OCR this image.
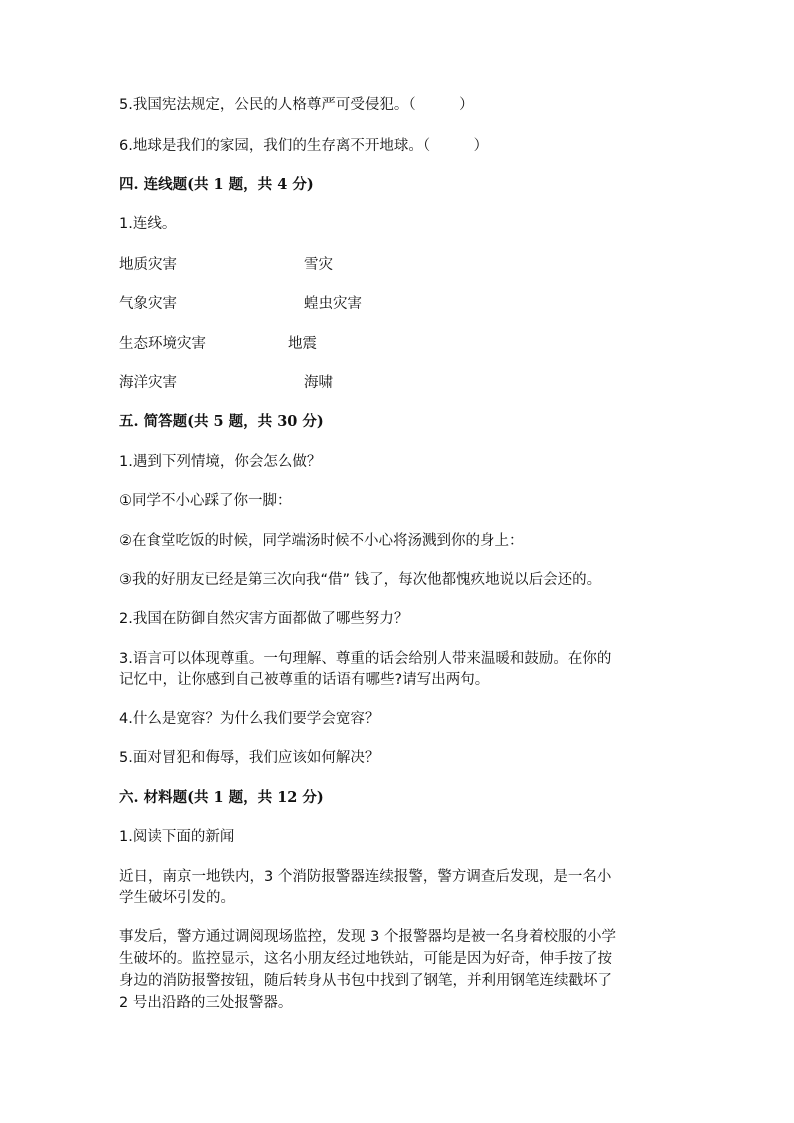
5.我国宪法规定，公民的人格尊严可受侵犯。（　　　）
6.地球是我们的家园，我们的生存离不开地球。（　　　）
四. 连线题(共 1 题，共 4 分)
1.连线。
地质灾害	雪灾
气象灾害	蝗虫灾害
生态环境灾害	地震
海洋灾害	海啸
五. 简答题(共 5 题，共 30 分)
1.遇到下列情境，你会怎么做？
①同学不小心踩了你一脚：
②在食堂吃饭的时候，同学端汤时候不小心将汤溅到你的身上：
③我的好朋友已经是第三次向我“借” 钱了，每次他都愧疚地说以后会还的。
2.我国在防御自然灾害方面都做了哪些努力？
3.语言可以体现尊重。一句理解、尊重的话会给别人带来温暖和鼓励。在你的
记忆中，让你感到自己被尊重的话语有哪些?请写出两句。
4.什么是宽容？为什么我们要学会宽容？
5.面对冒犯和侮辱，我们应该如何解决？
六. 材料题(共 1 题，共 12 分)
1.阅读下面的新闻
近日，南京一地铁内，3 个消防报警器连续报警，警方调查后发现，是一名小
学生破坏引发的。
事发后，警方通过调阅现场监控，发现 3 个报警器均是被一名身着校服的小学
生破坏的。监控显示，这名小朋友经过地铁站，可能是因为好奇，伸手按了按
身边的消防报警按钮，随后转身从书包中找到了钢笔，并利用钢笔连续戳坏了
2 号出沿路的三处报警器。
